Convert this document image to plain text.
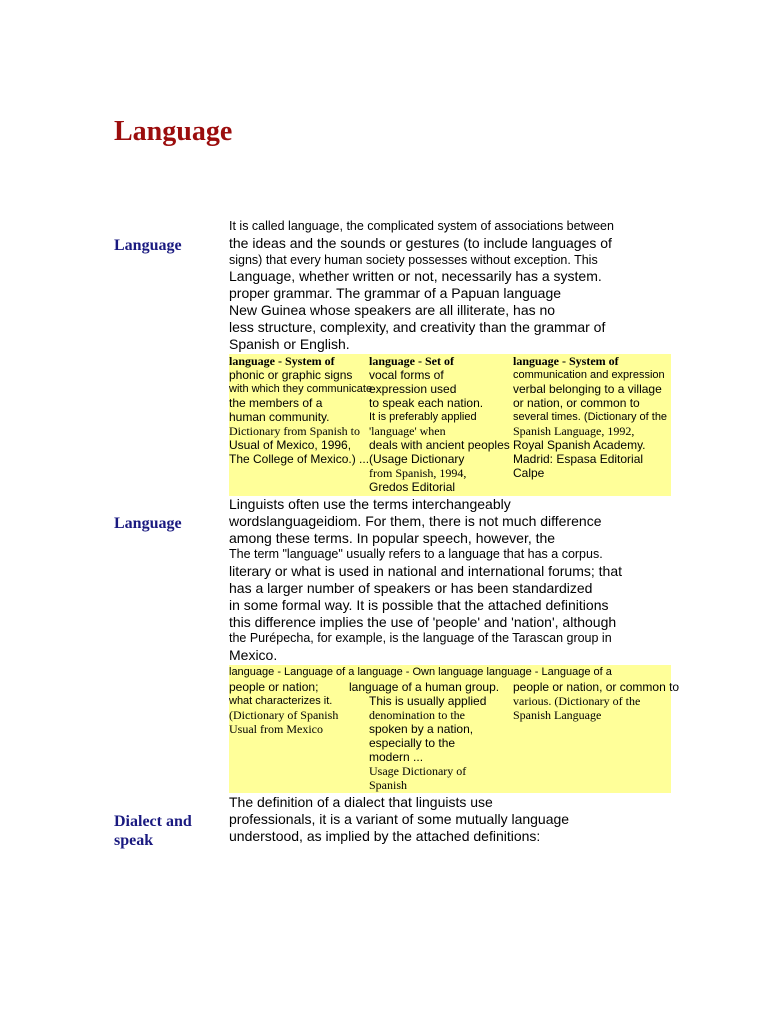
Language
Language
It is called language, the complicated system of associations between
the ideas and the sounds or gestures (to include languages of
signs) that every human society possesses without exception. This
Language, whether written or not, necessarily has a system.
proper grammar. The grammar of a Papuan language
New Guinea whose speakers are all illiterate, has no
less structure, complexity, and creativity than the grammar of
Spanish or English.
language - System of
phonic or graphic signs
with which they communicate
the members of a
human community.
Dictionary from Spanish to
Usual of Mexico, 1996,
The College of Mexico.) ...
language - Set of
vocal forms of
expression used
to speak each nation.
It is preferably applied
'language' when
deals with ancient peoples
(Usage Dictionary
from Spanish, 1994,
Gredos Editorial
language - System of
communication and expression
verbal belonging to a village
or nation, or common to
several times. (Dictionary of the
Spanish Language, 1992,
Royal Spanish Academy.
Madrid: Espasa Editorial
Calpe
Language
Linguists often use the terms interchangeably
wordslanguageidiom. For them, there is not much difference
among these terms. In popular speech, however, the
The term "language" usually refers to a language that has a corpus.
literary or what is used in national and international forums; that
has a larger number of speakers or has been standardized
in some formal way. It is possible that the attached definitions
this difference implies the use of 'people' and 'nation', although
the Purépecha, for example, is the language of the Tarascan group in
Mexico.
language - Language of a language - Own language language - Language of a
people or nation;
what characterizes it.
(Dictionary of Spanish
Usual from Mexico
This is usually applied
denomination to the
spoken by a nation,
especially to the
modern ...
Usage Dictionary of
Spanish
language of a human group. people or nation, or common to
various. (Dictionary of the
Spanish Language
Dialect and speak
The definition of a dialect that linguists use
professionals, it is a variant of some mutually language
understood, as implied by the attached definitions:
